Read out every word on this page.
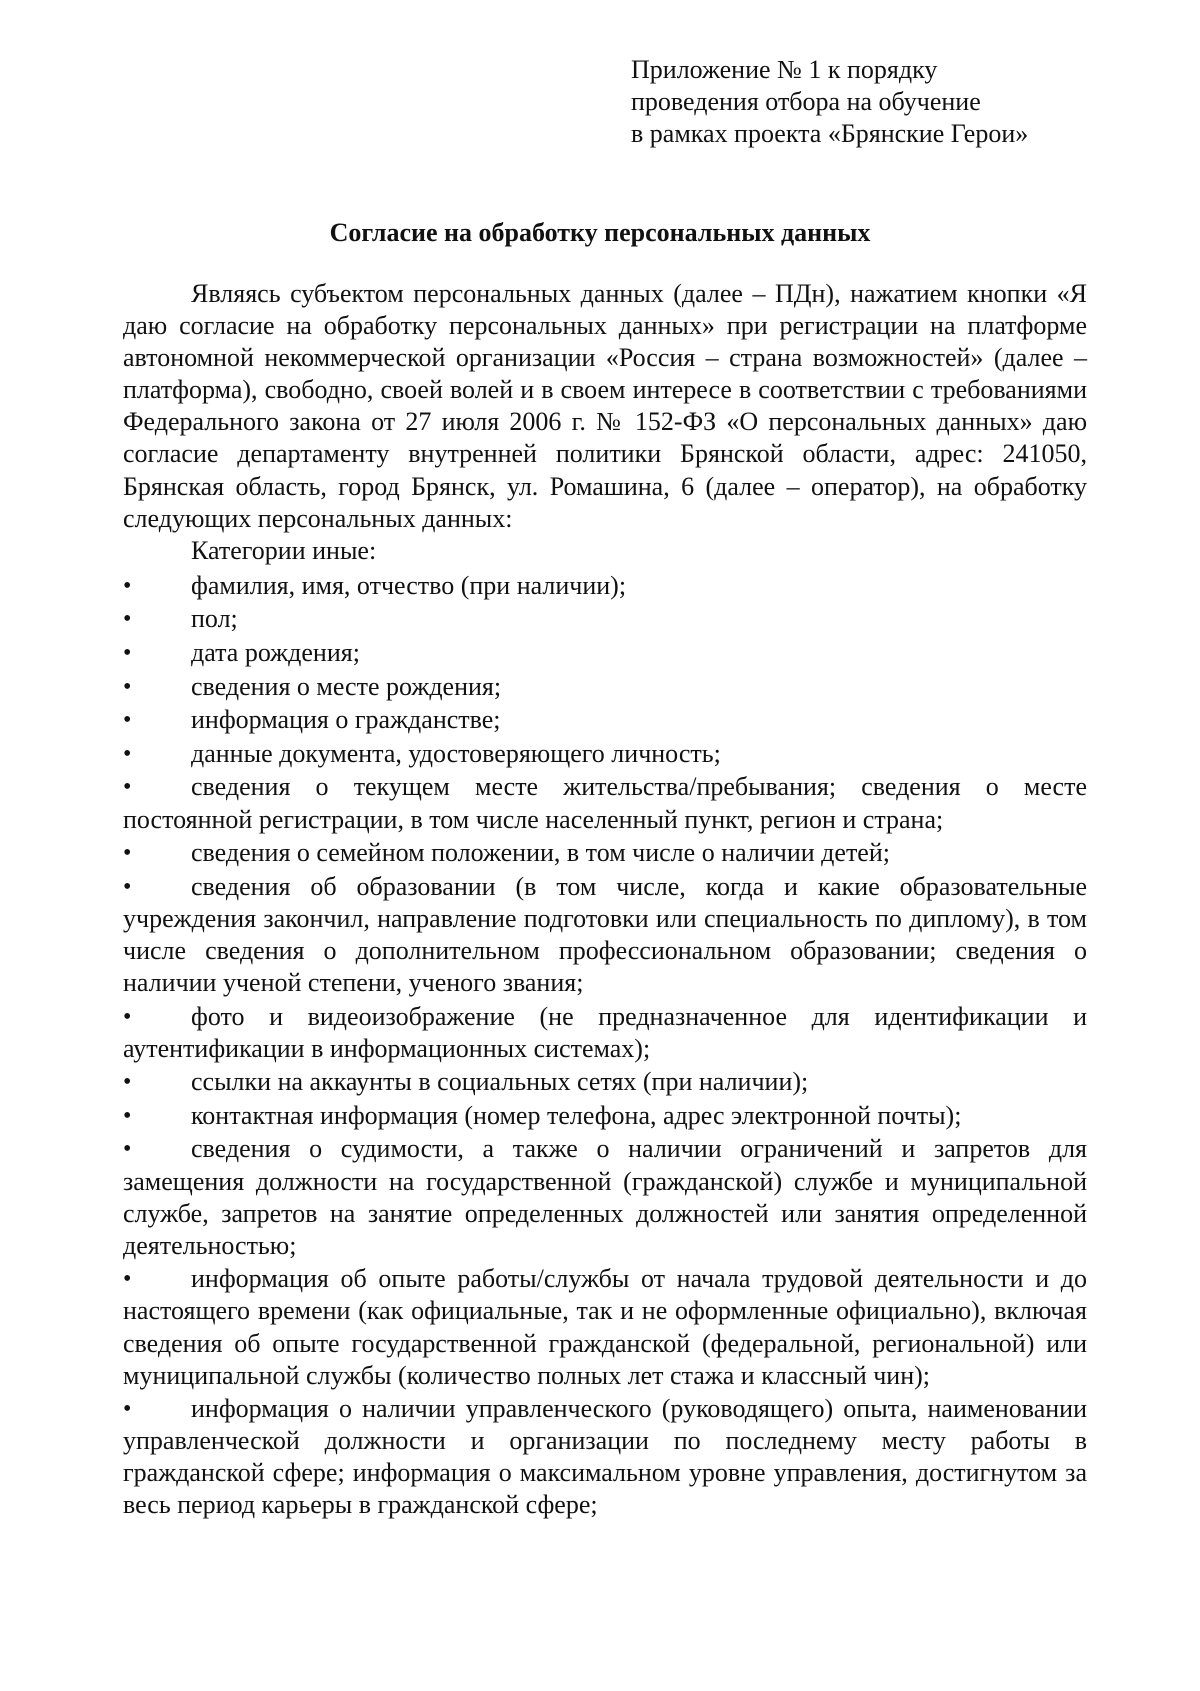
Приложение № 1 к порядку
проведения отбора на обучение
в рамках проекта «Брянские Герои»
Согласие на обработку персональных данных

Являясь субъектом персональных данных (далее – ПДн), нажатием кнопки «Я даю согласие на обработку персональных данных» при регистрации на платформе автономной некоммерческой организации «Россия – страна возможностей» (далее – платформа), свободно, своей волей и в своем интересе в соответствии с требованиями Федерального закона от 27 июля 2006 г. № 152-ФЗ «О персональных данных» даю согласие департаменту внутренней политики Брянской области, адрес: 241050, Брянская область, город Брянск, ул. Ромашина, 6 (далее – оператор), на обработку следующих персональных данных:

Категории иные:

• фамилия, имя, отчество (при наличии);
• пол;
• дата рождения;
• сведения о месте рождения;
• информация о гражданстве;
• данные документа, удостоверяющего личность;
• сведения о текущем месте жительства/пребывания; сведения о месте постоянной регистрации, в том числе населенный пункт, регион и страна;
• сведения о семейном положении, в том числе о наличии детей;
• сведения об образовании (в том числе, когда и какие образовательные учреждения закончил, направление подготовки или специальность по диплому), в том числе сведения о дополнительном профессиональном образовании; сведения о наличии ученой степени, ученого звания;
• фото и видеоизображение (не предназначенное для идентификации и аутентификации в информационных системах);
• ссылки на аккаунты в социальных сетях (при наличии);
• контактная информация (номер телефона, адрес электронной почты);
• сведения о судимости, а также о наличии ограничений и запретов для замещения должности на государственной (гражданской) службе и муниципальной службе, запретов на занятие определенных должностей или занятия определенной деятельностью;
• информация об опыте работы/службы от начала трудовой деятельности и до настоящего времени (как официальные, так и не оформленные официально), включая сведения об опыте государственной гражданской (федеральной, региональной) или муниципальной службы (количество полных лет стажа и классный чин);
• информация о наличии управленческого (руководящего) опыта, наименовании управленческой должности и организации по последнему месту работы в гражданской сфере; информация о максимальном уровне управления, достигнутом за весь период карьеры в гражданской сфере;
